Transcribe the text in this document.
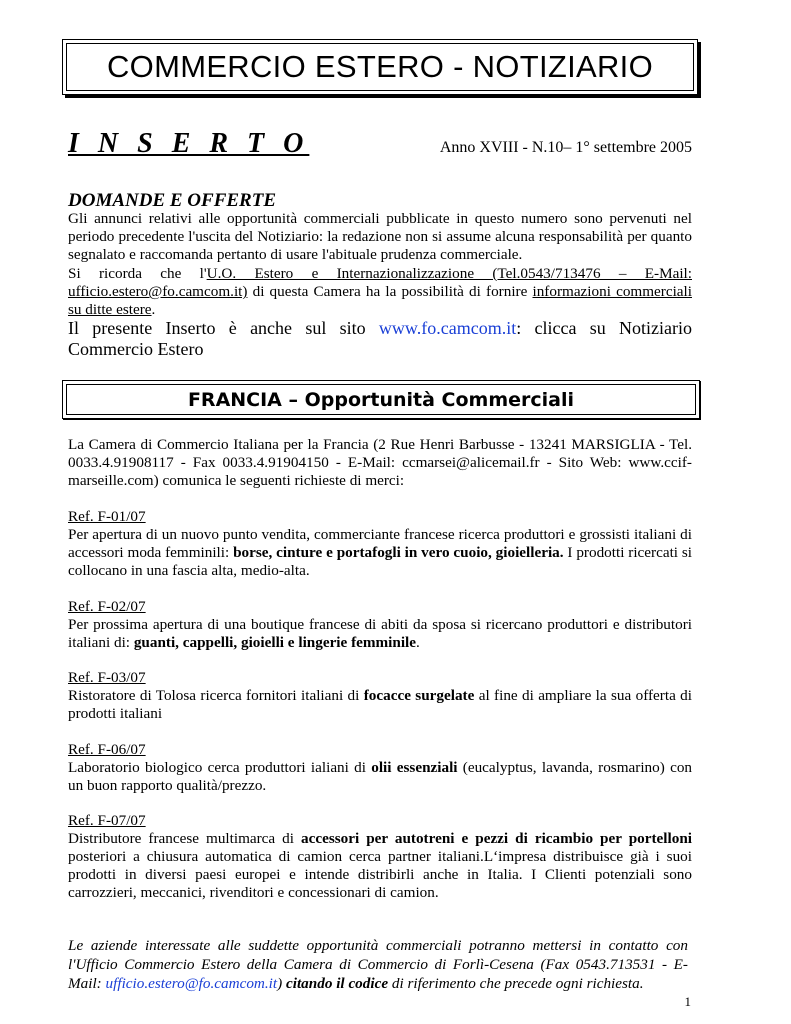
COMMERCIO ESTERO - NOTIZIARIO
I N S E R T O	Anno XVIII - N.10– 1° settembre 2005
DOMANDE E OFFERTE
Gli annunci relativi alle opportunità commerciali pubblicate in questo numero sono pervenuti nel periodo precedente l'uscita del Notiziario: la redazione non si assume alcuna responsabilità per quanto segnalato e raccomanda pertanto di usare l'abituale prudenza commerciale.
Si ricorda che l'U.O. Estero e Internazionalizzazione (Tel.0543/713476 – E-Mail: ufficio.estero@fo.camcom.it) di questa Camera ha la possibilità di fornire informazioni commerciali su ditte estere.
Il presente Inserto è anche sul sito www.fo.camcom.it: clicca su Notiziario Commercio Estero
FRANCIA – Opportunità Commerciali
La Camera di Commercio Italiana per la Francia (2 Rue Henri Barbusse - 13241 MARSIGLIA - Tel. 0033.4.91908117 - Fax 0033.4.91904150 - E-Mail: ccmarsei@alicemail.fr - Sito Web: www.ccif-marseille.com) comunica le seguenti richieste di merci:
Ref. F-01/07
Per apertura di un nuovo punto vendita, commerciante francese ricerca produttori e grossisti italiani di accessori moda femminili: borse, cinture e portafogli in vero cuoio, gioielleria. I prodotti ricercati si collocano in una fascia alta, medio-alta.
Ref. F-02/07
Per prossima apertura di una boutique francese di abiti da sposa si ricercano produttori e distributori italiani di: guanti, cappelli, gioielli e lingerie femminile.
Ref. F-03/07
Ristoratore di Tolosa ricerca fornitori italiani di focacce surgelate al fine di ampliare la sua offerta di prodotti italiani
Ref. F-06/07
Laboratorio biologico cerca produttori ialiani di olii essenziali (eucalyptus, lavanda, rosmarino) con un buon rapporto qualità/prezzo.
Ref. F-07/07
Distributore francese multimarca di accessori per autotreni e pezzi di ricambio per portelloni posteriori a chiusura automatica di camion cerca partner italiani.L‘impresa distribuisce già i suoi prodotti in diversi paesi europei e intende distribirli anche in Italia. I Clienti potenziali sono carrozzieri, meccanici, rivenditori e concessionari di camion.
Le aziende interessate alle suddette opportunità commerciali potranno mettersi in contatto con l'Ufficio Commercio Estero della Camera di Commercio di Forlì-Cesena (Fax 0543.713531 - E-Mail: ufficio.estero@fo.camcom.it) citando il codice di riferimento che precede ogni richiesta.
1
